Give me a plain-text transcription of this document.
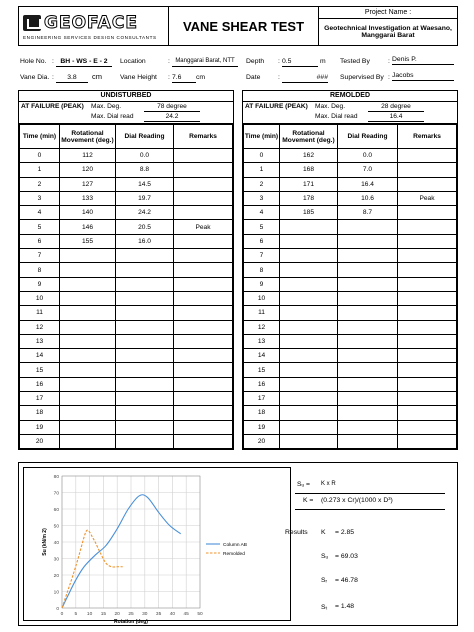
GEOFACE
ENGINEERING SERVICES DESIGN CONSULTANTS
VANE SHEAR TEST
Project Name :
Geotechnical Investigation at Waesano, Manggarai Barat
Hole No. : BH - WS - E - 2	Location	: Manggarai Barat, NTT	Depth : 0.5	m Tested By	: Denis P.
Vane Dia. :	3.8	cm	Vane Height : 7.6	cm	Date	:	### Supervised By : Jacobs
UNDISTURBED
AT FAILURE (PEAK) Max. Deg.
Max. Dial read
78 degree
24.2
Time (min)	Rotational Movement (deg.)	Dial Reading	Remarks
0	112	0.0	
1	120	8.8	
2	127	14.5	
3	133	19.7	
4	140	24.2	
5	146	20.5	Peak
6	155	16.0	
7			
8			
9			
10			
11			
12			
13			
14			
15			
16			
17			
18			
19			
20			
REMOLDED
AT FAILURE (PEAK) Max. Deg.
Max. Dial read
28 degree
16.4
Time (min)	Rotational Movement (deg.)	Dial Reading	Remarks
0	162	0.0	
1	168	7.0	
2	171	16.4	
3	178	10.6	Peak
4	185	8.7	
5			
6			
7			
8			
9			
10			
11			
12			
13			
14			
15			
16			
17			
18			
19			
20			
0
10
20
30
40
50
60
70
80
0 5 10 15 20 25 30 35 40 45 50
Rotation (deg)
Su (kN/m 2)	Column AB
Remolded
Sᵤ = K x R
K = (0.273 x Cr)/(1000 x D³)
Results K = 2.85
Sᵤ = 69.03
Sᵣ = 46.78
Sₜ = 1.48
